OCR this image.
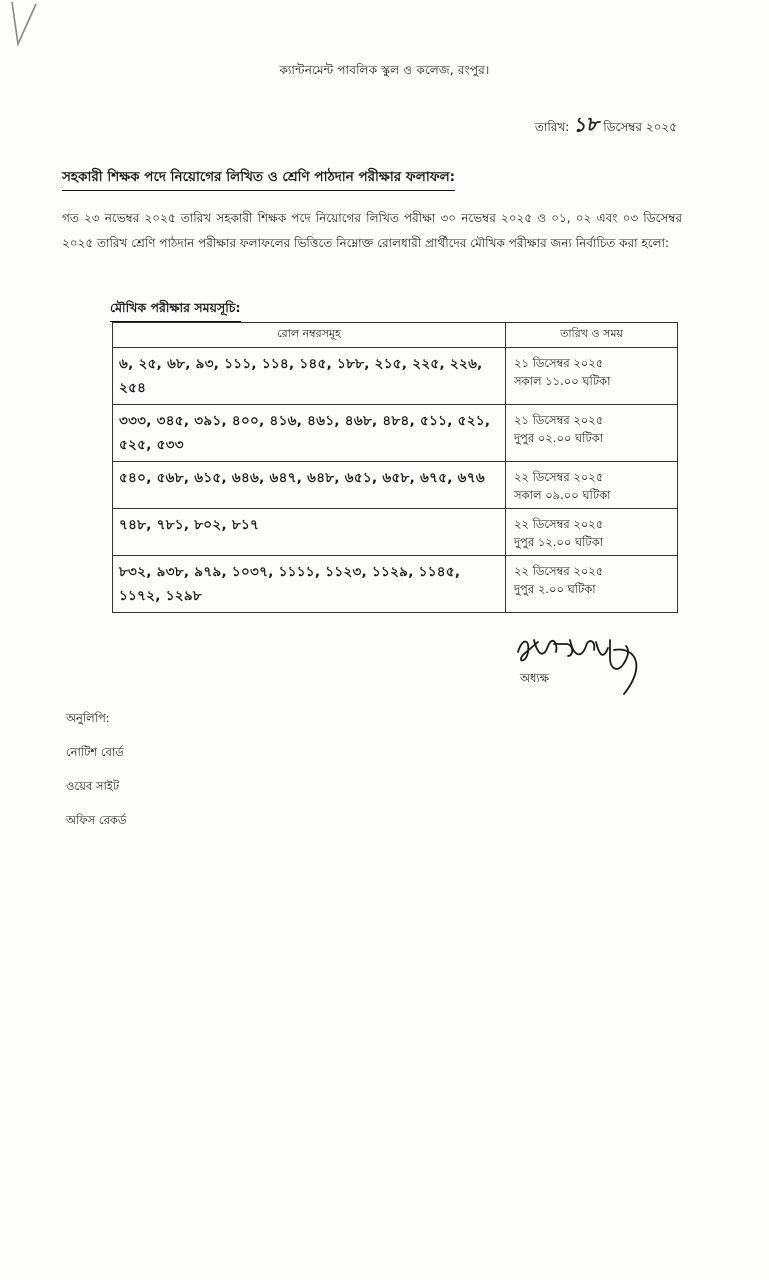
ক্যান্টনমেন্ট পাবলিক স্কুল ও কলেজ, রংপুর।
তারিখ: ১৮ ডিসেম্বর ২০২৫
সহকারী শিক্ষক পদে নিয়োগের লিখিত ও শ্রেণি পাঠদান পরীক্ষার ফলাফল:
গত ২৩ নভেম্বর ২০২৫ তারিখ সহকারী শিক্ষক পদে নিয়োগের লিখিত পরীক্ষা ৩০ নভেম্বর ২০২৫ ও ০১, ০২ এবং ০৩ ডিসেম্বর ২০২৫ তারিখ শ্রেণি পাঠদান পরীক্ষার ফলাফলের ভিত্তিতে নিম্নোক্ত রোলধারী প্রার্থীদের মৌখিক পরীক্ষার জন্য নির্বাচিত করা হলো:
মৌখিক পরীক্ষার সময়সূচি:
রোল নম্বরসমূহ	তারিখ ও সময়
৬, ২৫, ৬৮, ৯৩, ১১১, ১১৪, ১৪৫, ১৮৮, ২১৫, ২২৫, ২২৬, ২৫৪	২১ ডিসেম্বর ২০২৫
সকাল ১১.০০ ঘটিকা

৩৩৩, ৩৪৫, ৩৯১, ৪০০, ৪১৬, ৪৬১, ৪৬৮, ৪৮৪, ৫১১, ৫২১, ৫২৫, ৫৩৩	২১ ডিসেম্বর ২০২৫
দুপুর ০২.০০ ঘটিকা

৫৪০, ৫৬৮, ৬১৫, ৬৪৬, ৬৪৭, ৬৪৮, ৬৫১, ৬৫৮, ৬৭৫, ৬৭৬	২২ ডিসেম্বর ২০২৫
সকাল ০৯.০০ ঘটিকা

৭৪৮, ৭৮১, ৮০২, ৮১৭	২২ ডিসেম্বর ২০২৫
দুপুর ১২.০০ ঘটিকা

৮৩২, ৯৩৮, ৯৭৯, ১০৩৭, ১১১১, ১১২৩, ১১২৯, ১১৪৫, ১১৭২, ১২৯৮	২২ ডিসেম্বর ২০২৫
দুপুর ২.০০ ঘটিকা
অধ্যক্ষ
অনুলিপি:
নোটিশ বোর্ড
ওয়েব সাইট
অফিস রেকর্ড
